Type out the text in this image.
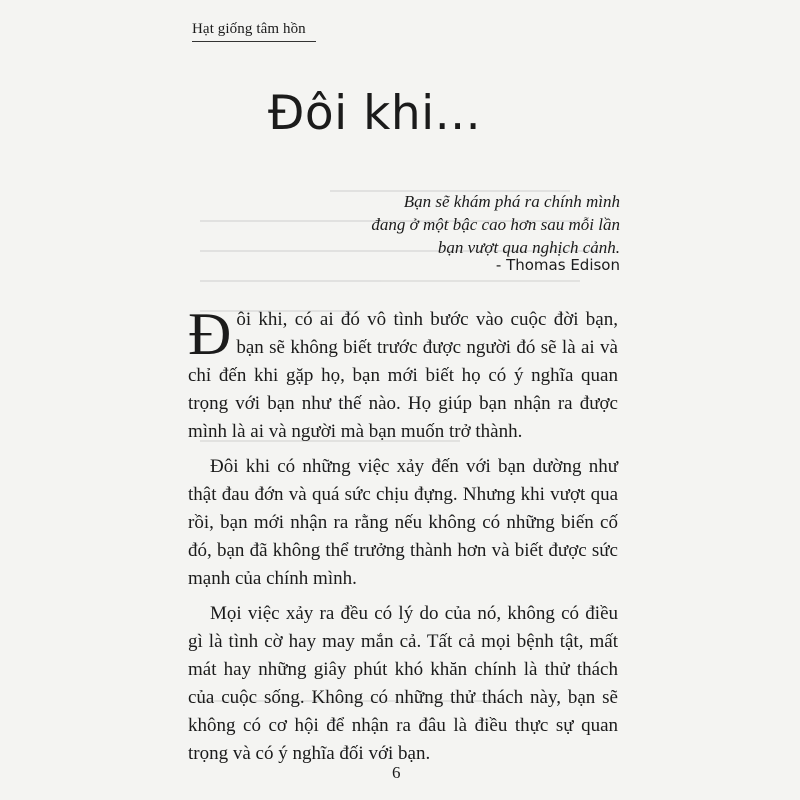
Hạt giống tâm hồn
Đôi khi...
Bạn sẽ khám phá ra chính mình
đang ở một bậc cao hơn sau mỗi lần
bạn vượt qua nghịch cảnh.
- Thomas Edison

Đôi khi, có ai đó vô tình bước vào cuộc đời bạn, bạn sẽ không biết trước được người đó sẽ là ai và chỉ đến khi gặp họ, bạn mới biết họ có ý nghĩa quan trọng với bạn như thế nào. Họ giúp bạn nhận ra được mình là ai và người mà bạn muốn trở thành.

Đôi khi có những việc xảy đến với bạn dường như thật đau đớn và quá sức chịu đựng. Nhưng khi vượt qua rồi, bạn mới nhận ra rằng nếu không có những biến cố đó, bạn đã không thể trưởng thành hơn và biết được sức mạnh của chính mình.

Mọi việc xảy ra đều có lý do của nó, không có điều gì là tình cờ hay may mắn cả. Tất cả mọi bệnh tật, mất mát hay những giây phút khó khăn chính là thử thách của cuộc sống. Không có những thử thách này, bạn sẽ không có cơ hội để nhận ra đâu là điều thực sự quan trọng và có ý nghĩa đối với bạn.

6
